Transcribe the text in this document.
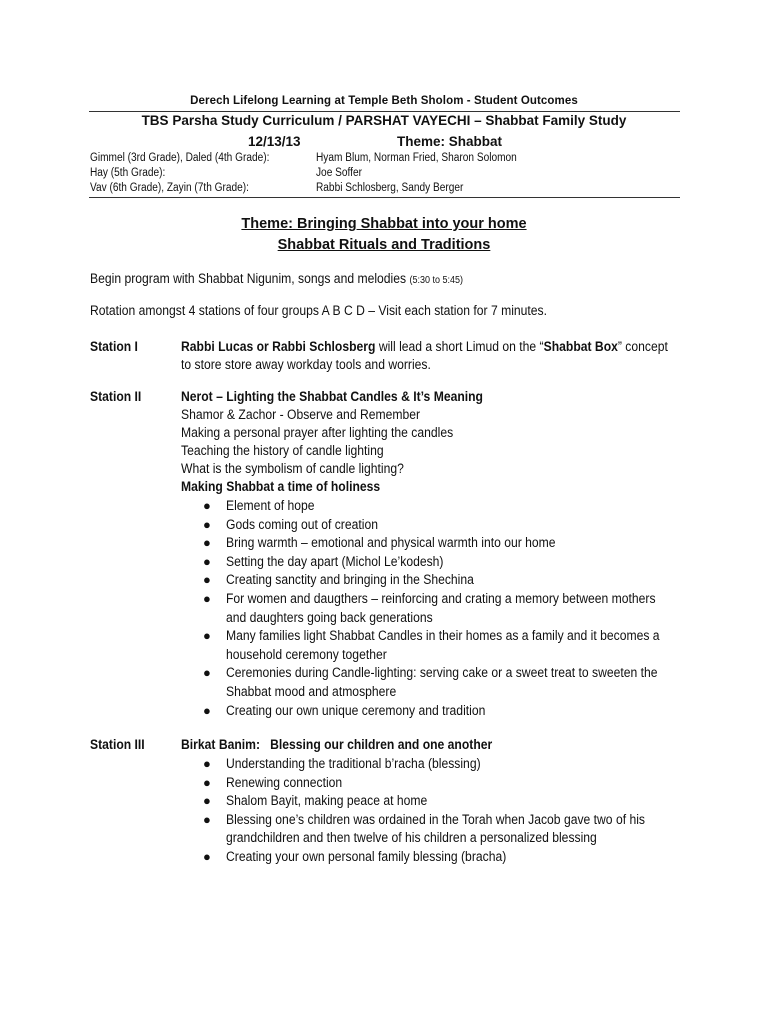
Derech Lifelong Learning at Temple Beth Sholom - Student Outcomes
TBS Parsha Study Curriculum / PARSHAT VAYECHI – Shabbat Family Study
12/13/13	Theme: Shabbat
Gimmel (3rd Grade), Daled (4th Grade):	Hyam Blum, Norman Fried, Sharon Solomon
Hay (5th Grade):	Joe Soffer
Vav (6th Grade), Zayin (7th Grade):	Rabbi Schlosberg, Sandy Berger
Theme: Bringing Shabbat into your home
Shabbat Rituals and Traditions
Begin program with Shabbat Nigunim, songs and melodies (5:30 to 5:45)
Rotation amongst 4 stations of four groups A B C D – Visit each station for 7 minutes.
Station I	Rabbi Lucas or Rabbi Schlosberg will lead a short Limud on the “Shabbat Box” concept
to store store away workday tools and worries.
Station II	Nerot – Lighting the Shabbat Candles & It’s Meaning
Shamor & Zachor - Observe and Remember
Making a personal prayer after lighting the candles
Teaching the history of candle lighting
What is the symbolism of candle lighting?
Making Shabbat a time of holiness
● Element of hope
● Gods coming out of creation
● Bring warmth – emotional and physical warmth into our home
● Setting the day apart (Michol Le’kodesh)
● Creating sanctity and bringing in the Shechina
● For women and daugthers – reinforcing and crating a memory between mothers and daughters going back generations
● Many families light Shabbat Candles in their homes as a family and it becomes a household ceremony together
● Ceremonies during Candle-lighting: serving cake or a sweet treat to sweeten the Shabbat mood and atmosphere
● Creating our own unique ceremony and tradition
Station III	Birkat Banim:   Blessing our children and one another
● Understanding the traditional b’racha (blessing)
● Renewing connection
● Shalom Bayit, making peace at home
● Blessing one’s children was ordained in the Torah when Jacob gave two of his grandchildren and then twelve of his children a personalized blessing
● Creating your own personal family blessing (bracha)
